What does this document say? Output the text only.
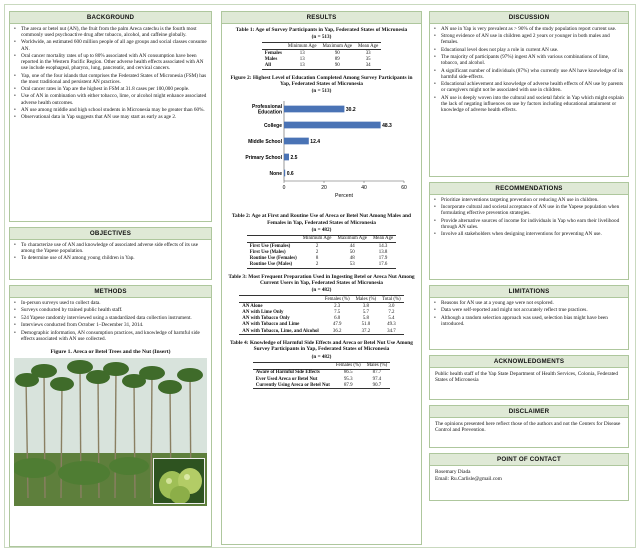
BACKGROUND
• The areca or betel nut (AN), the fruit from the palm Areca catechu is the fourth most commonly used psychoactive drug after tobacco, alcohol, and caffeine globally.
• Worldwide, an estimated 600 million people of all age groups and social classes consume AN.
• Oral cancer mortality rates of up to 80% associated with AN consumption have been reported in the Western Pacific Region. Other adverse health effects associated with AN use include esophageal, pharynx, lung, pancreatic, and cervical cancers.
• Yap, one of the four islands that comprises the Federated States of Micronesia (FSM) has the most traditional and persistent AN practices.
• Oral cancer rates in Yap are the highest in FSM at 31.8 cases per 100,000 people.
• Use of AN in combination with either tobacco, lime, or alcohol might enhance associated adverse health outcomes.
• AN use among middle and high school students in Micronesia may be greater than 60%.
• Observational data in Yap suggests that AN use may start as early as age 2.
OBJECTIVES
• To characterize use of AN and knowledge of associated adverse side effects of its use among the Yapese population.
• To determine use of AN among young children in Yap.
METHODS
• In-person surveys used to collect data.
• Surveys conducted by trained public health staff.
• 524 Yapese randomly interviewed using a standardized data collection instrument.
• Interviews conducted from October 1–December 31, 2014.
• Demographic information, AN consumption practices, and knowledge of harmful side effects associated with AN use collected.
Figure 1. Areca or Betel Trees and the Nut (Insert)
RESULTS
Table 1: Age of Survey Participants in Yap, Federated States of Micronesia
(n = 513)
	Minimum Age	Maximum Age	Mean Age
Females	13	90	33
Males	13	89	35
All	13	90	34
Figure 2: Highest Level of Education Completed Among Survey Participants in Yap, Federated States of Micronesia
(n = 513)
0	20	40	60
Percent
30.2
Professional Education
48.3
College
12.4
Middle School
2.5
Primary School
0.6
None
Table 2: Age at First and Routine Use of Areca or Betel Nut Among Males and Females in Yap, Federated States of Micronesia
(n = 482)
	Minimum Age	Maximum Age	Mean Age
First Use (Females)	2	44	14.3
First Use (Males)	2	50	13.8
Routine Use (Females)	8	48	17.9
Routine Use (Males)	2	53	17.6
Table 3: Most Frequent Preparation Used in Ingesting Betel or Areca Nut Among Current Users in Yap, Federated States of Micronesia
(n = 482)
	Females (%)	Males (%)	Total (%)
AN Alone	2.3	3.8	3.0
AN with Lime Only	7.5	5.7	7.2
AN with Tobacco Only	6.0	5.8	5.4
AN with Tobacco and Lime	47.9	51.0	49.3
AN with Tobacco, Lime, and Alcohol	36.2	37.2	34.7
Table 4: Knowledge of Harmful Side Effects and Areca or Betel Nut Use Among Survey Participants in Yap, Federated States of Micronesia
(n = 482)
	Females (%)	Males (%)
Aware of Harmful Side Effects	86.5	87.7
Ever Used Areca or Betel Nut	95.3	97.4
Currently Using Areca or Betel Nut	87.9	90.7
DISCUSSION
• AN use in Yap is very prevalent as > 90% of the study population report current use.
• Strong evidence of AN use in children aged 2 years or younger in both males and females.
• Educational level does not play a role in current AN use.
• The majority of participants (97%) ingest AN with various combinations of lime, tobacco, and alcohol.
• A significant number of individuals (87%) who currently use AN have knowledge of its harmful side-effects.
• Educational achievement and knowledge of adverse health effects of AN use by parents or caregivers might not be associated with use in children.
• AN use is deeply woven into the cultural and societal fabric in Yap which might explain the lack of negating influences on use by factors including educational attainment or knowledge of adverse health effects.
RECOMMENDATIONS
• Prioritize interventions targeting prevention or reducing AN use in children.
• Incorporate cultural and societal acceptance of AN use in the Yapese population when formulating effective prevention strategies.
• Provide alternative sources of income for individuals in Yap who earn their livelihood through AN sales.
• Involve all stakeholders when designing interventions for preventing AN use.
LIMITATIONS
• Reasons for AN use at a young age were not explored.
• Data were self-reported and might not accurately reflect true practices.
• Although a random selection approach was used, selection bias might have been introduced.
ACKNOWLEDGMENTS
Public health staff of the Yap State Department of Health Services, Colonia, Federated States of Micronesia
DISCLAIMER
The opinions presented here reflect those of the authors and not the Centers for Disease Control and Prevention.
POINT OF CONTACT
Rosemary Diada
Email: Ru.Carlisle@gmail.com
